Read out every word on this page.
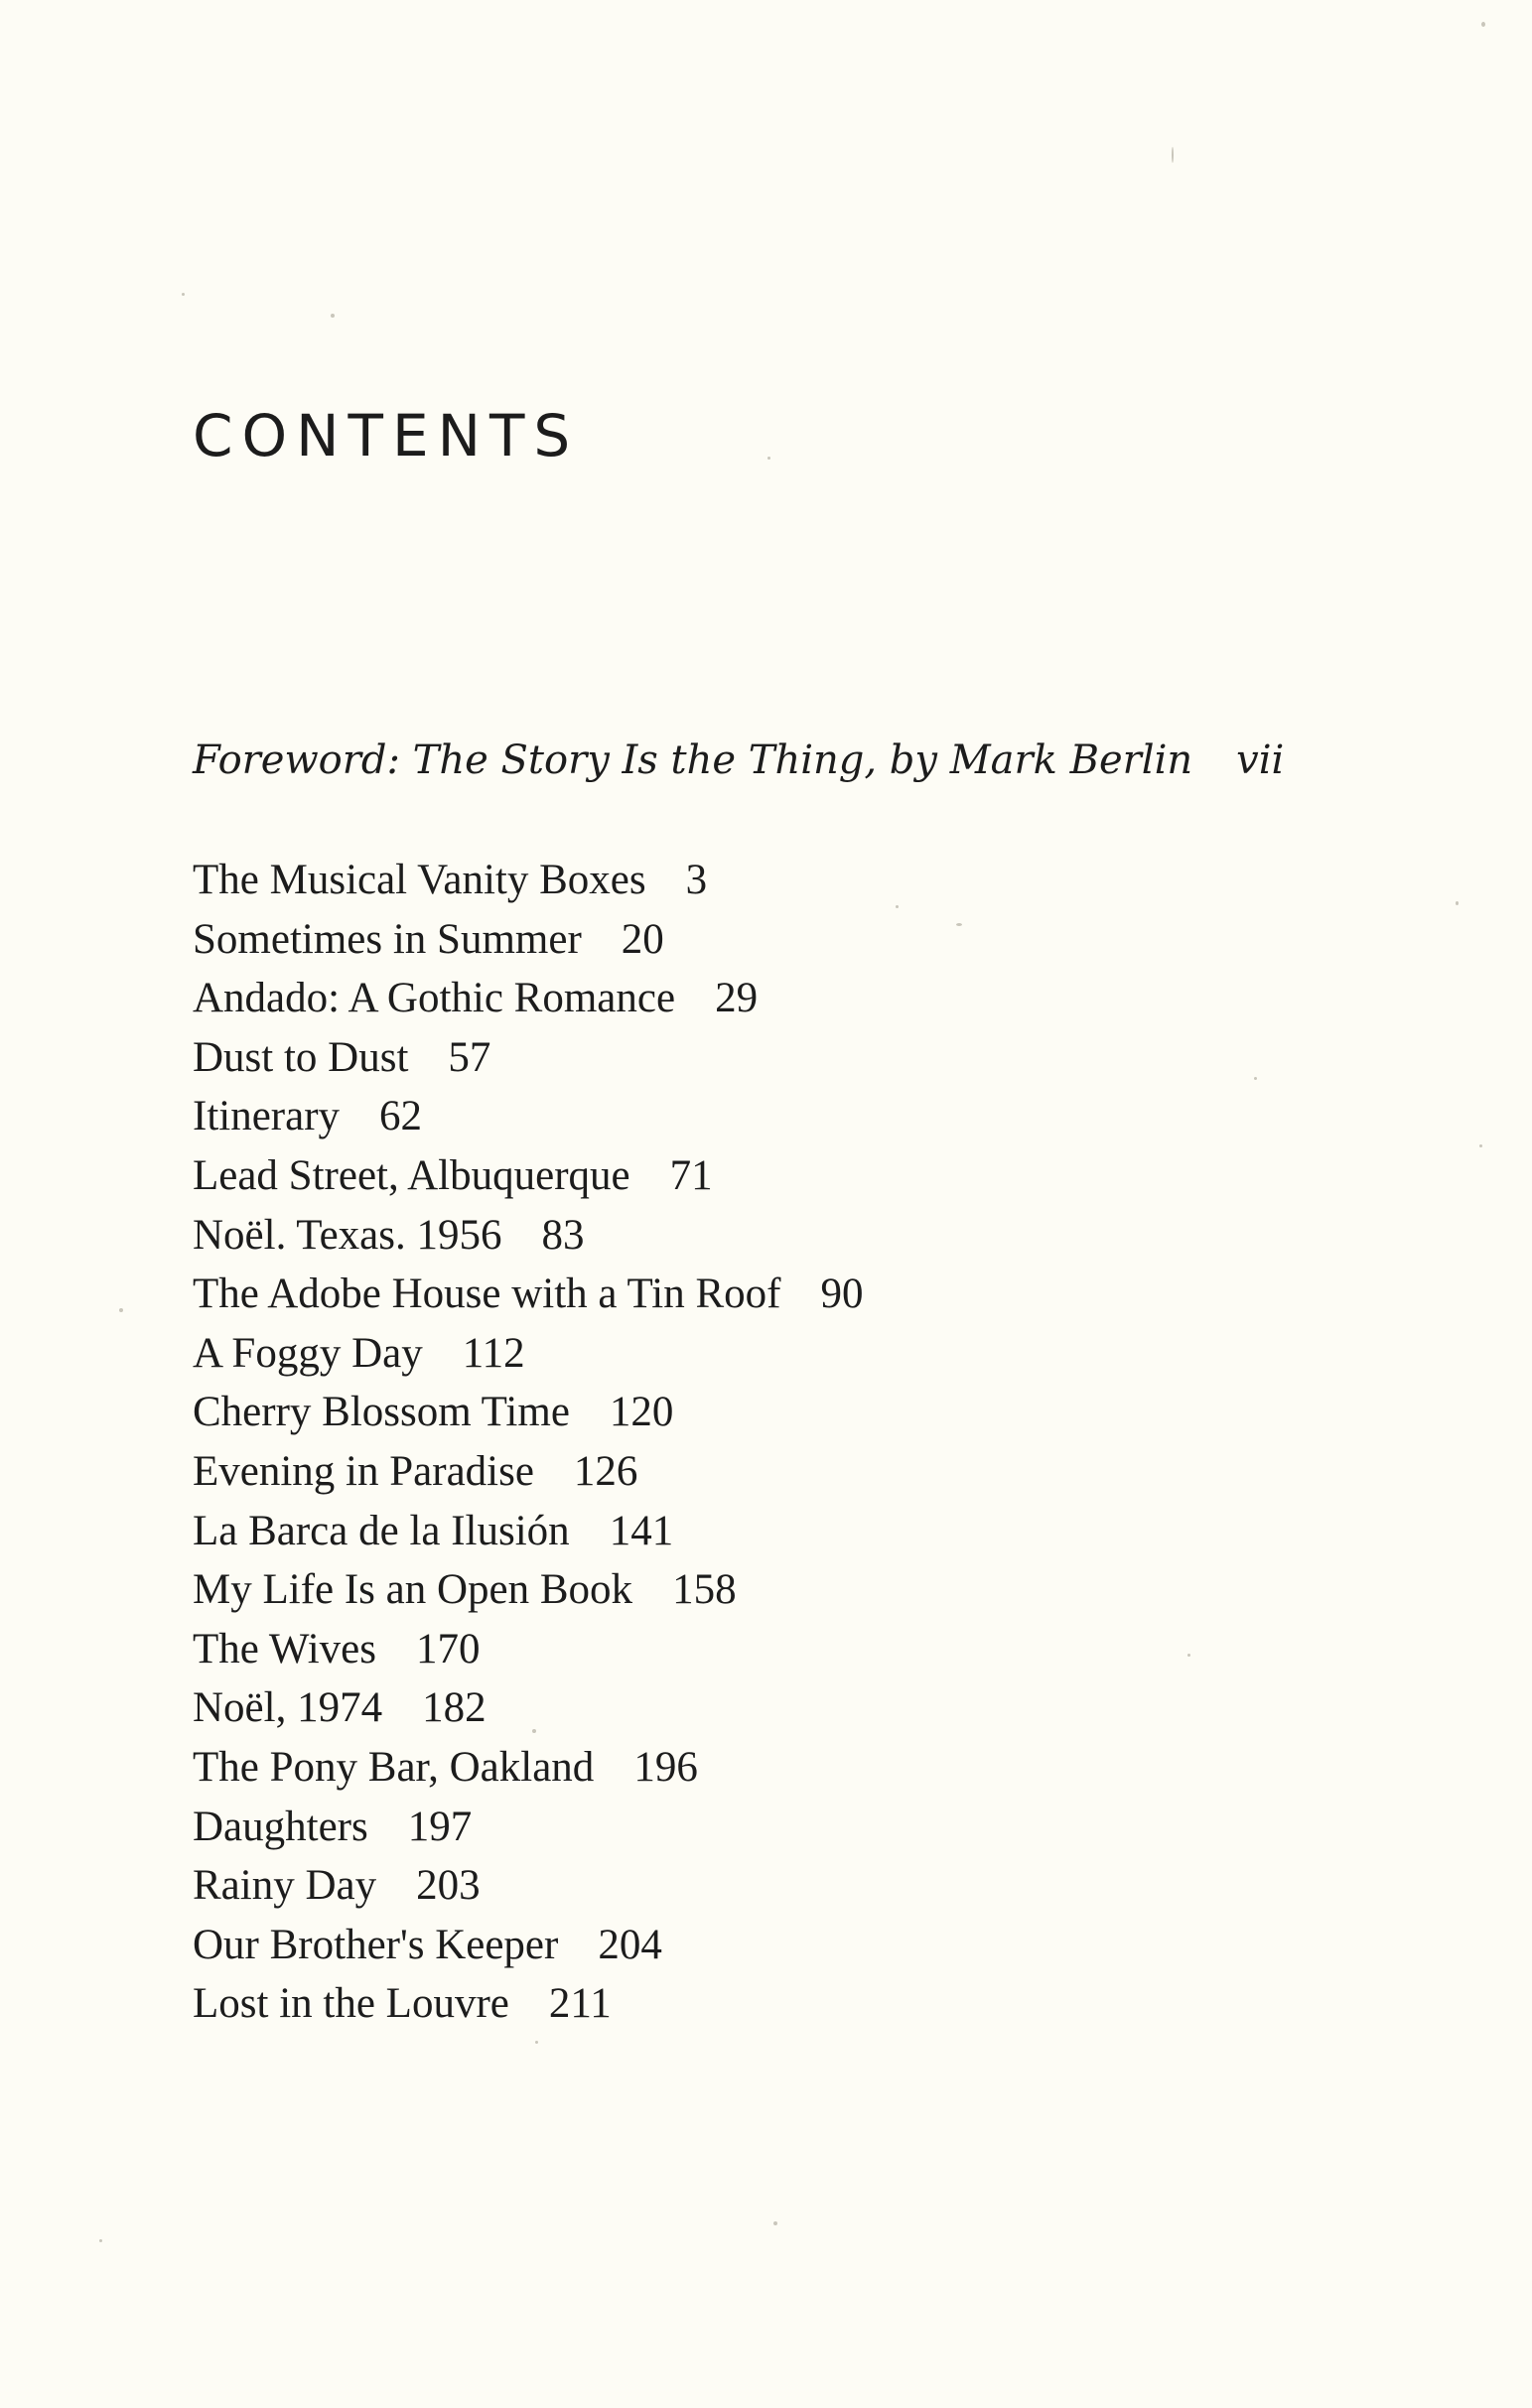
CONTENTS
Foreword: The Story Is the Thing, by Mark Berlin vii
The Musical Vanity Boxes 3
Sometimes in Summer 20
Andado: A Gothic Romance 29
Dust to Dust 57
Itinerary 62
Lead Street, Albuquerque 71
Noël. Texas. 1956 83
The Adobe House with a Tin Roof 90
A Foggy Day 112
Cherry Blossom Time 120
Evening in Paradise 126
La Barca de la Ilusión 141
My Life Is an Open Book 158
The Wives 170
Noël, 1974 182
The Pony Bar, Oakland 196
Daughters 197
Rainy Day 203
Our Brother's Keeper 204
Lost in the Louvre 211
